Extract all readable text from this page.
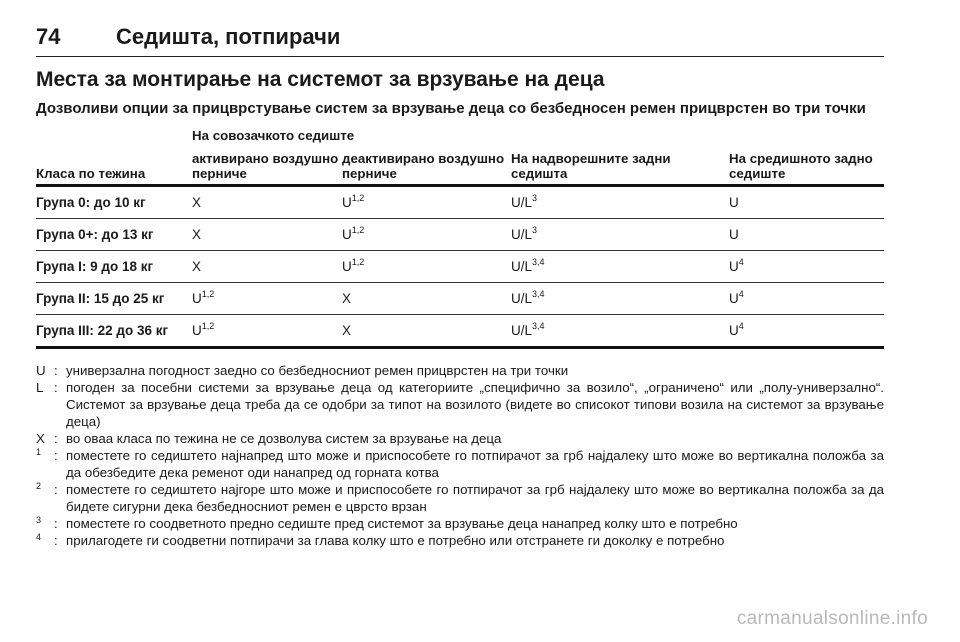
74	Седишта, потпирачи
Места за монтирање на системот за врзување на деца
Дозволиви опции за прицврстување систем за врзување деца со безбедносен ремен прицврстен во три точки
	На совозачкото седиште			
Класа по тежина	активирано воздушно перниче	деактивирано воздушно перниче	На надворешните задни седишта	На средишното задно седиште
Група 0: до 10 кг	X	U$^{1,2}$	$U/L^3$	U
Група 0+: до 13 кг	X	U$^{1,2}$	$U/L^3$	U
Група I: 9 до 18 кг	X	U$^{1,2}$	$U/L^{3,4}$	$U^4$
Група II: 15 до 25 кг	U$^{1,2}$	X	$U/L^{3,4}$	$U^4$
Група III: 22 до 36 кг	U$^{1,2}$	X	$U/L^{3,4}$	$U^4$
U : универзална погодност заедно со безбедносниот ремен прицврстен на три точки
L : погоден за посебни системи за врзување деца од категориите „специфично за возило“, „ограничено“ или „полу-универзално“. Системот за врзување деца треба да се одобри за типот на возилото (видете во списокот типови возила на системот за врзување деца)
X : во оваа класа по тежина не се дозволува систем за врзување на деца
1 : поместете го седиштето најнапред што може и приспособете го потпирачот за грб најдалеку што може во вертикална положба за да обезбедите дека ременот оди нанапред од горната котва
2 : поместете го седиштето најгоре што може и приспособете го потпирачот за грб најдалеку што може во вертикална положба за да бидете сигурни дека безбедносниот ремен е цврсто врзан
3 : поместете го соодветното предно седиште пред системот за врзување деца нанапред колку што е потребно
4 : прилагодете ги соодветни потпирачи за глава колку што е потребно или отстранете ги доколку е потребно
carmanualsonline.info
